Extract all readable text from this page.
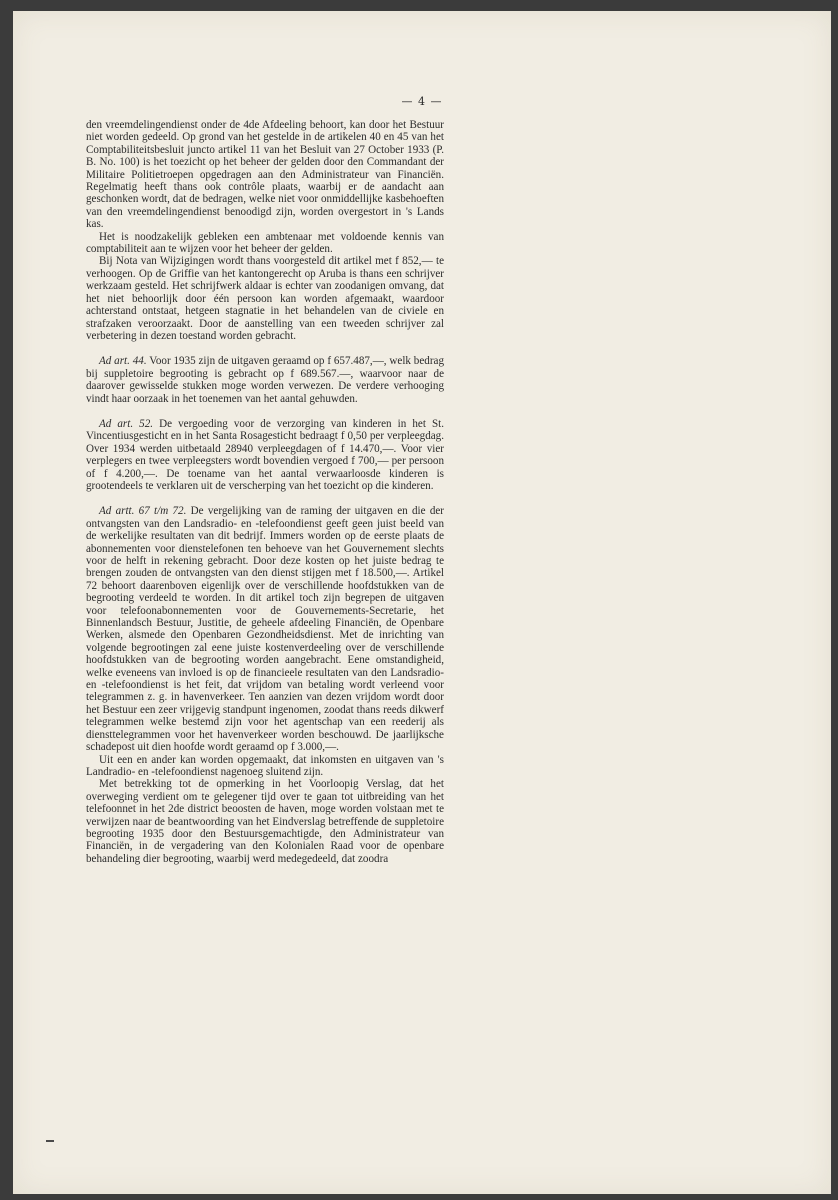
— 4 —

den vreemdelingendienst onder de 4de Afdeeling behoort, kan door het Bestuur niet worden gedeeld. Op grond van het gestelde in de artikelen 40 en 45 van het Comptabiliteitsbesluit juncto artikel 11 van het Besluit van 27 October 1933 (P. B. No. 100) is het toezicht op het beheer der gelden door den Commandant der Militaire Politietroepen opgedragen aan den Administrateur van Financiën. Regelmatig heeft thans ook contrôle plaats, waarbij er de aandacht aan geschonken wordt, dat de bedragen, welke niet voor onmiddellijke kasbehoeften van den vreemdelingendienst benoodigd zijn, worden overgestort in 's Lands kas.

Het is noodzakelijk gebleken een ambtenaar met voldoende kennis van comptabiliteit aan te wijzen voor het beheer der gelden.

Bij Nota van Wijzigingen wordt thans voorgesteld dit artikel met f 852,— te verhoogen. Op de Griffie van het kantongerecht op Aruba is thans een schrijver werkzaam gesteld. Het schrijfwerk aldaar is echter van zoodanigen omvang, dat het niet behoorlijk door één persoon kan worden afgemaakt, waardoor achterstand ontstaat, hetgeen stagnatie in het behandelen van de civiele en strafzaken veroorzaakt. Door de aanstelling van een tweeden schrijver zal verbetering in dezen toestand worden gebracht.

Ad art. 44. Voor 1935 zijn de uitgaven geraamd op f 657.487,—, welk bedrag bij suppletoire begrooting is gebracht op f 689.567.—, waarvoor naar de daarover gewisselde stukken moge worden verwezen. De verdere verhooging vindt haar oorzaak in het toenemen van het aantal gehuwden.

Ad art. 52. De vergoeding voor de verzorging van kinderen in het St. Vincentiusgesticht en in het Santa Rosagesticht bedraagt f 0,50 per verpleegdag. Over 1934 werden uitbetaald 28940 verpleegdagen of f 14.470,—. Voor vier verplegers en twee verpleegsters wordt bovendien vergoed f 700,— per persoon of f 4.200,—. De toename van het aantal verwaarloosde kinderen is grootendeels te verklaren uit de verscherping van het toezicht op die kinderen.

Ad artt. 67 t/m 72. De vergelijking van de raming der uitgaven en die der ontvangsten van den Landsradio- en -telefoondienst geeft geen juist beeld van de werkelijke resultaten van dit bedrijf. Immers worden op de eerste plaats de abonnementen voor dienstelefonen ten behoeve van het Gouvernement slechts voor de helft in rekening gebracht. Door deze kosten op het juiste bedrag te brengen zouden de ontvangsten van den dienst stijgen met f 18.500,—. Artikel 72 behoort daarenboven eigenlijk over de verschillende hoofdstukken van de begrooting verdeeld te worden. In dit artikel toch zijn begrepen de uitgaven voor telefoonabonnementen voor de Gouvernements-Secretarie, het Binnenlandsch Bestuur, Justitie, de geheele afdeeling Financiën, de Openbare Werken, alsmede den Openbaren Gezondheidsdienst. Met de inrichting van volgende begrootingen zal eene juiste kostenverdeeling over de verschillende hoofdstukken van de begrooting worden aangebracht. Eene omstandigheid, welke eveneens van invloed is op de financieele resultaten van den Landsradio- en -telefoondienst is het feit, dat vrijdom van betaling wordt verleend voor telegrammen z. g. in havenverkeer. Ten aanzien van dezen vrijdom wordt door het Bestuur een zeer vrijgevig standpunt ingenomen, zoodat thans reeds dikwerf telegrammen welke bestemd zijn voor het agentschap van een reederij als diensttelegrammen voor het havenverkeer worden beschouwd. De jaarlijksche schadepost uit dien hoofde wordt geraamd op f 3.000,—.

Uit een en ander kan worden opgemaakt, dat inkomsten en uitgaven van 's Landradio- en -telefoondienst nagenoeg sluitend zijn.

Met betrekking tot de opmerking in het Voorloopig Verslag, dat het overweging verdient om te gelegener tijd over te gaan tot uitbreiding van het telefoonnet in het 2de district beoosten de haven, moge worden volstaan met te verwijzen naar de beantwoording van het Eindverslag betreffende de suppletoire begrooting 1935 door den Bestuursgemachtigde, den Administrateur van Financiën, in de vergadering van den Kolonialen Raad voor de openbare behandeling dier begrooting, waarbij werd medegedeeld, dat zoodra
